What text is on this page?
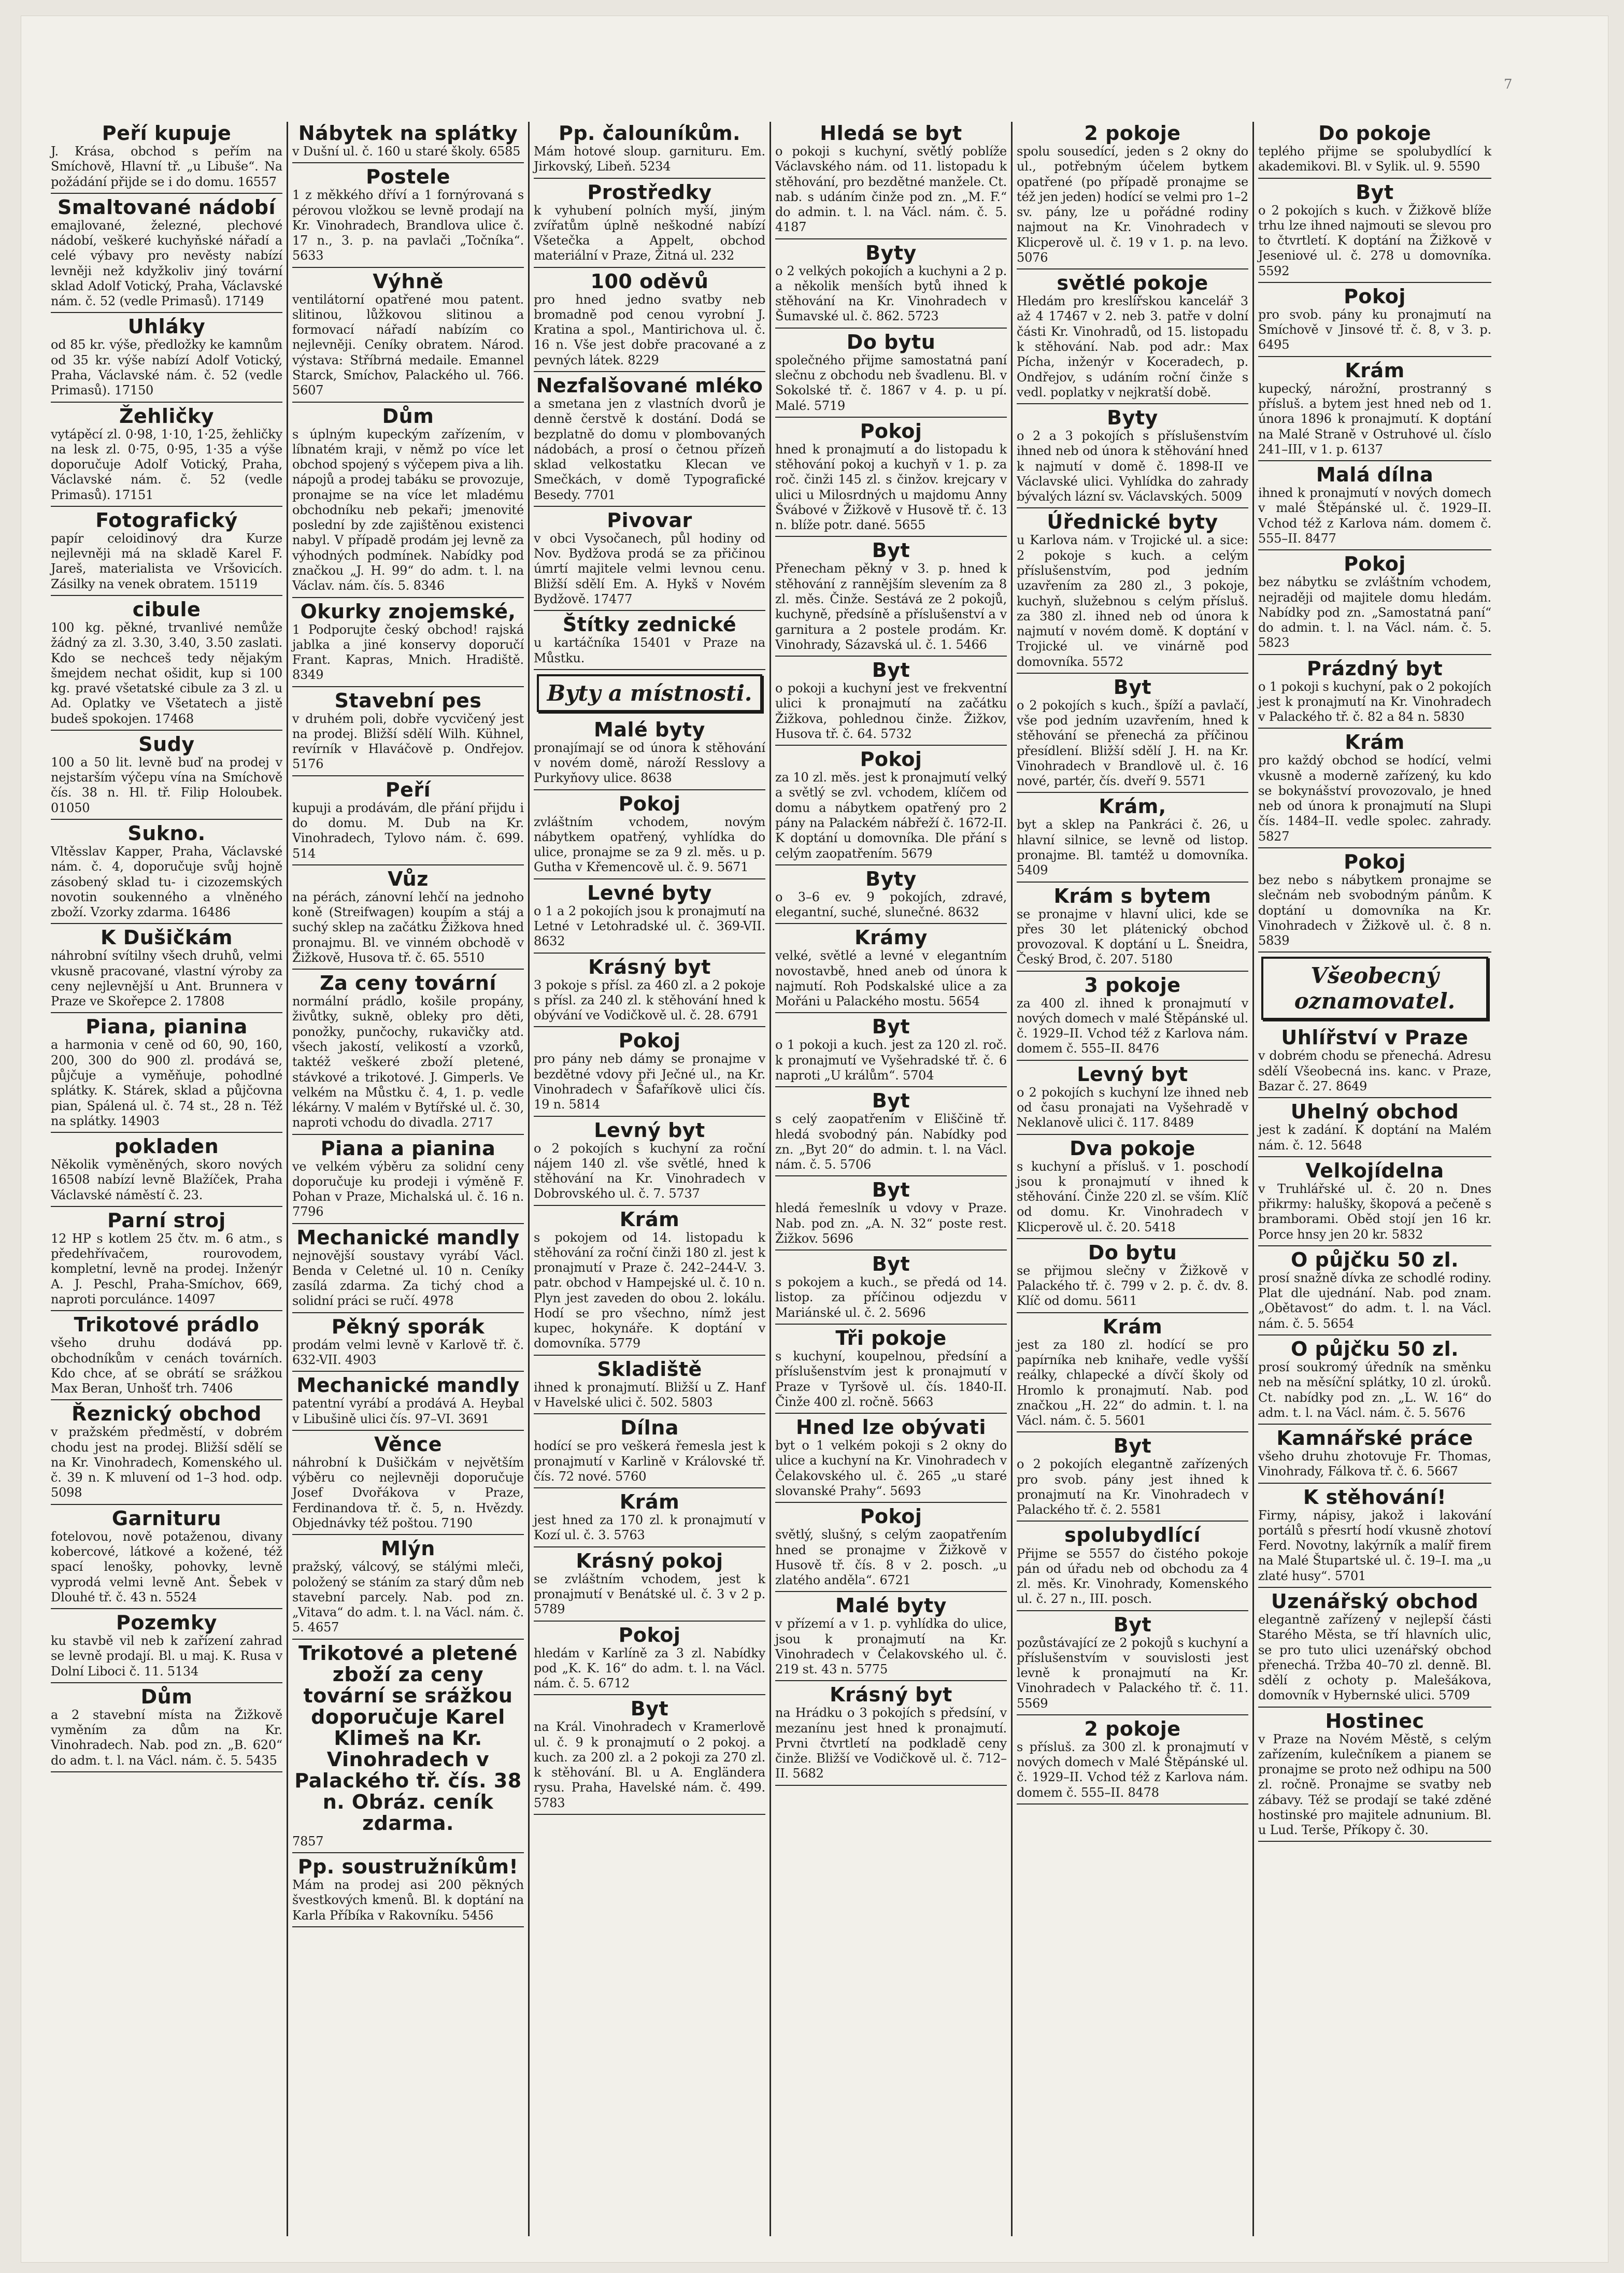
7
Peří kupuje
J. Krása, obchod s peřím na Smíchově, Hlavní tř. „u Libuše“. Na požádání přijde se i do domu. 16557
Smaltované nádobí
emajlované, železné, plechové nádobí, veškeré kuchyňské nářadí a celé výbavy pro nevěsty nabízí levněji než kdyžkoliv jiný tovární sklad Adolf Votický, Praha, Václavské nám. č. 52 (vedle Primasů). 17149
Uhláky
od 85 kr. výše, předložky ke kamnům od 35 kr. výše nabízí Adolf Votický, Praha, Václavské nám. č. 52 (vedle Primasů). 17150
Žehličky
vytápěcí zl. 0·98, 1·10, 1·25, žehličky na lesk zl. 0·75, 0·95, 1·35 a výše doporučuje Adolf Votický, Praha, Václavské nám. č. 52 (vedle Primasů). 17151
Fotografický
papír celoidinový dra Kurze nejlevněji má na skladě Karel F. Jareš, materialista ve Vršovicích. Zásilky na venek obratem. 15119
cibule
100 kg. pěkné, trvanlivé nemůže žádný za zl. 3.30, 3.40, 3.50 zaslati. Kdo se nechceš tedy nějakým šmejdem nechat ošidit, kup si 100 kg. pravé všetatské cibule za 3 zl. u Ad. Oplatky ve Všetatech a jistě budeš spokojen. 17468
Sudy
100 a 50 lit. levně buď na prodej v nejstarším výčepu vína na Smíchově čís. 38 n. Hl. tř. Filip Holoubek. 01050
Sukno.
Vltěsslav Kapper, Praha, Václavské nám. č. 4, doporučuje svůj hojně zásobený sklad tu- i cizozemských novotin soukenného a vlněného zboží. Vzorky zdarma. 16486
K Dušičkám
náhrobní svítilny všech druhů, velmi vkusně pracované, vlastní výroby za ceny nejlevnější u Ant. Brunnera v Praze ve Skořepce 2. 17808
Piana, pianina
a harmonia v ceně od 60, 90, 160, 200, 300 do 900 zl. prodává se, půjčuje a vyměňuje, pohodlné splátky. K. Stárek, sklad a půjčovna pian, Spálená ul. č. 74 st., 28 n. Též na splátky. 14903
pokladen
Několik vyměněných, skoro nových 16508 nabízí levně Blažíček, Praha Václavské náměstí č. 23.
Parní stroj
12 HP s kotlem 25 čtv. m. 6 atm., s předehřívačem, rourovodem, kompletní, levně na prodej. Inženýr A. J. Peschl, Praha-Smíchov, 669, naproti porculánce. 14097
Trikotové prádlo
všeho druhu dodává pp. obchodníkům v cenách továrních. Kdo chce, ať se obrátí se srážkou Max Beran, Unhošť trh. 7406
Řeznický obchod
v pražském předměstí, v dobrém chodu jest na prodej. Bližší sdělí se na Kr. Vinohradech, Komenského ul. č. 39 n. K mluvení od 1–3 hod. odp. 5098
Garnituru
fotelovou, nově potaženou, divany kobercové, látkové a kožené, též spací lenošky, pohovky, levně vyprodá velmi levně Ant. Šebek v Dlouhé tř. č. 43 n. 5524
Pozemky
ku stavbě vil neb k zařízení zahrad se levně prodají. Bl. u maj. K. Rusa v Dolní Liboci č. 11. 5134
Dům
a 2 stavební místa na Žižkově vyměním za dům na Kr. Vinohradech. Nab. pod zn. „B. 620“ do adm. t. l. na Václ. nám. č. 5. 5435
Nábytek na splátky
v Dušní ul. č. 160 u staré školy. 6585
Postele
1 z měkkého dříví a 1 fornýrovaná s pérovou vložkou se levně prodají na Kr. Vinohradech, Brandlova ulice č. 17 n., 3. p. na pavlači „Točníka“. 5633
Výhně
ventilátorní opatřené mou patent. slitinou, lůžkovou slitinou a formovací nářadí nabízím co nejlevněji. Ceníky obratem. Národ. výstava: Stříbrná medaile. Emannel Starck, Smíchov, Palackého ul. 766. 5607
Dům
s úplným kupeckým zařízením, v líbnatém kraji, v němž po více let obchod spojený s výčepem piva a lih. nápojů a prodej tabáku se provozuje, pronajme se na více let mladému obchodníku neb pekaři; jmenovité poslední by zde zajištěnou existenci nabyl. V případě prodám jej levně za výhodných podmínek. Nabídky pod značkou „J. H. 99“ do adm. t. l. na Václav. nám. čís. 5. 8346
Okurky znojemské,
1 Podporujte český obchod! rajská jablka a jiné konservy doporučí Frant. Kapras, Mnich. Hradiště. 8349
Stavební pes
v druhém poli, dobře vycvičený jest na prodej. Bližší sdělí Wilh. Kühnel, revírník v Hlaváčově p. Ondřejov. 5176
Peří
kupuji a prodávám, dle přání přijdu i do domu. M. Dub na Kr. Vinohradech, Tylovo nám. č. 699. 514
Vůz
na pérách, zánovní lehčí na jednoho koně (Streifwagen) koupím a stáj a suchý sklep na začátku Žižkova hned pronajmu. Bl. ve vinném obchodě v Žižkově, Husova tř. č. 65. 5510
Za ceny tovární
normální prádlo, košile propány, živůtky, sukně, obleky pro děti, ponožky, punčochy, rukavičky atd. všech jakostí, velikostí a vzorků, taktéž veškeré zboží pletené, stávkové a trikotové. J. Gimperls. Ve velkém na Můstku č. 4, 1. p. vedle lékárny. V malém v Bytířské ul. č. 30, naproti vchodu do divadla. 2717
Piana a pianina
ve velkém výběru za solidní ceny doporučuje ku prodeji i výměně F. Pohan v Praze, Michalská ul. č. 16 n. 7796
Mechanické mandly
nejnovější soustavy vyrábí Václ. Benda v Celetné ul. 10 n. Ceníky zasílá zdarma. Za tichý chod a solidní práci se ručí. 4978
Pěkný sporák
prodám velmi levně v Karlově tř. č. 632-VII. 4903
Mechanické mandly
patentní vyrábí a prodává A. Heybal v Libušině ulici čís. 97–VI. 3691
Věnce
náhrobní k Dušičkám v největším výběru co nejlevněji doporučuje Josef Dvořákova v Praze, Ferdinandova tř. č. 5, n. Hvězdy. Objednávky též poštou. 7190
Mlýn
pražský, válcový, se stálými mleči, položený se stáním za starý dům neb stavební parcely. Nab. pod zn. „Vitava“ do adm. t. l. na Václ. nám. č. 5. 4657
Trikotové a pletené zboží za ceny tovární se srážkou doporučuje Karel Klimeš na Kr. Vinohradech v Palackého tř. čís. 38 n. Obráz. ceník zdarma.
7857
Pp. soustružníkům!
Mám na prodej asi 200 pěkných švestkových kmenů. Bl. k doptání na Karla Příbíka v Rakovníku. 5456
Pp. čalouníkům.
Mám hotové sloup. garnituru. Em. Jirkovský, Libeň. 5234
Prostředky
k vyhubení polních myší, jiným zvířatům úplně neškodné nabízí Všetečka a Appelt, obchod materiální v Praze, Žitná ul. 232
100 oděvů
pro hned jedno svatby neb bromadně pod cenou vyrobní J. Kratina a spol., Mantirichova ul. č. 16 n. Vše jest dobře pracované a z pevných látek. 8229
Nezfalšované mléko
a smetana jen z vlastních dvorů je denně čerstvě k dostání. Dodá se bezplatně do domu v plombovaných nádobách, a prosí o četnou přízeň sklad velkostatku Klecan ve Smečkách, v domě Typografické Besedy. 7701
Pivovar
v obci Vysočanech, půl hodiny od Nov. Bydžova prodá se za přičinou úmrtí majitele velmi levnou cenu. Bližší sdělí Em. A. Hykš v Novém Bydžově. 17477
Štítky zednické
u kartáčníka 15401 v Praze na Můstku.
Byty a místnosti.
Malé byty
pronajímají se od února k stěhování v novém domě, nároží Resslovy a Purkyňovy ulice. 8638
Pokoj
zvláštním vchodem, novým nábytkem opatřený, vyhlídka do ulice, pronajme se za 9 zl. měs. u p. Gutha v Křemencově ul. č. 9. 5671
Levné byty
o 1 a 2 pokojích jsou k pronajmutí na Letné v Letohradské ul. č. 369-VII. 8632
Krásný byt
3 pokoje s přísl. za 460 zl. a 2 pokoje s přísl. za 240 zl. k stěhování hned k obývání ve Vodičkově ul. č. 28. 6791
Pokoj
pro pány neb dámy se pronajme v bezdětné vdovy při Ječné ul., na Kr. Vinohradech v Šafaříkově ulici čís. 19 n. 5814
Levný byt
o 2 pokojích s kuchyní za roční nájem 140 zl. vše světlé, hned k stěhování na Kr. Vinohradech v Dobrovského ul. č. 7. 5737
Krám
s pokojem od 14. listopadu k stěhování za roční činži 180 zl. jest k pronajmutí v Praze č. 242–244-V. 3. patr. obchod v Hampejské ul. č. 10 n. Plyn jest zaveden do obou 2. lokálu. Hodí se pro všechno, nímž jest kupec, hokynáře. K doptání v domovníka. 5779
Skladiště
ihned k pronajmutí. Bližší u Z. Hanf v Havelské ulici č. 502. 5803
Dílna
hodící se pro veškerá řemesla jest k pronajmutí v Karlině v Královské tř. čís. 72 nové. 5760
Krám
jest hned za 170 zl. k pronajmutí v Kozí ul. č. 3. 5763
Krásný pokoj
se zvláštním vchodem, jest k pronajmutí v Benátské ul. č. 3 v 2 p. 5789
Pokoj
hledám v Karlíně za 3 zl. Nabídky pod „K. K. 16“ do adm. t. l. na Václ. nám. č. 5. 6712
Byt
na Král. Vinohradech v Kramerlově ul. č. 9 k pronajmutí o 2 pokoj. a kuch. za 200 zl. a 2 pokoji za 270 zl. k stěhování. Bl. u A. Engländera rysu. Praha, Havelské nám. č. 499. 5783
Hledá se byt
o pokoji s kuchyní, světlý poblíže Václavského nám. od 11. listopadu k stěhování, pro bezdětné manžele. Ct. nab. s udáním činže pod zn. „M. F.“ do admin. t. l. na Václ. nám. č. 5. 4187
Byty
o 2 velkých pokojích a kuchyni a 2 p. a několik menších bytů ihned k stěhování na Kr. Vinohradech v Šumavské ul. č. 862. 5723
Do bytu
společného přijme samostatná paní slečnu z obchodu neb švadlenu. Bl. v Sokolské tř. č. 1867 v 4. p. u pí. Malé. 5719
Pokoj
hned k pronajmutí a do listopadu k stěhování pokoj a kuchyň v 1. p. za roč. činži 145 zl. s činžov. krejcary v ulici u Milosrdných u majdomu Anny Švábové v Žižkově v Husově tř. č. 13 n. blíže potr. dané. 5655
Byt
Přenecham pěkný v 3. p. hned k stěhování z rannějším slevením za 8 zl. měs. Činže. Sestává ze 2 pokojů, kuchyně, předsíně a příslušenství a v garnitura a 2 postele prodám. Kr. Vinohrady, Sázavská ul. č. 1. 5466
Byt
o pokoji a kuchyní jest ve frekventní ulici k pronajmutí na začátku Žižkova, pohlednou činže. Žižkov, Husova tř. č. 64. 5732
Pokoj
za 10 zl. měs. jest k pronajmutí velký a světlý se zvl. vchodem, klíčem od domu a nábytkem opatřený pro 2 pány na Palackém nábřeží č. 1672-II. K doptání u domovníka. Dle přání s celým zaopatřením. 5679
Byty
o 3–6 ev. 9 pokojích, zdravé, elegantní, suché, slunečné. 8632
Krámy
velké, světlé a levné v elegantním novostavbě, hned aneb od února k najmutí. Roh Podskalské ulice a za Mořáni u Palackého mostu. 5654
Byt
o 1 pokoji a kuch. jest za 120 zl. roč. k pronajmutí ve Vyšehradské tř. č. 6 naproti „U králům“. 5704
Byt
s celý zaopatřením v Eliščině tř. hledá svobodný pán. Nabídky pod zn. „Byt 20“ do admin. t. l. na Václ. nám. č. 5. 5706
Byt
hledá řemeslník u vdovy v Praze. Nab. pod zn. „A. N. 32“ poste rest. Žižkov. 5696
Byt
s pokojem a kuch., se předá od 14. listop. za příčinou odjezdu v Mariánské ul. č. 2. 5696
Tři pokoje
s kuchyní, koupelnou, předsíní a příslušenstvím jest k pronajmutí v Praze v Tyršově ul. čís. 1840-II. Činže 400 zl. ročně. 5663
Hned lze obývati
byt o 1 velkém pokoji s 2 okny do ulice a kuchyní na Kr. Vinohradech v Čelakovského ul. č. 265 „u staré slovanské Prahy“. 5693
Pokoj
světlý, slušný, s celým zaopatřením hned se pronajme v Žižkově v Husově tř. čís. 8 v 2. posch. „u zlatého anděla“. 6721
Malé byty
v přízemí a v 1. p. vyhlídka do ulice, jsou k pronajmutí na Kr. Vinohradech v Čelakovského ul. č. 219 st. 43 n. 5775
Krásný byt
na Hrádku o 3 pokojích s předsíní, v mezanínu jest hned k pronajmutí. Prvni čtvrtletí na podkladě ceny činže. Bližší ve Vodičkově ul. č. 712–II. 5682
2 pokoje
spolu sousedící, jeden s 2 okny do ul., potřebným účelem bytkem opatřené (po případě pronajme se též jen jeden) hodící se velmi pro 1–2 sv. pány, lze u pořádné rodiny najmout na Kr. Vinohradech v Klicperově ul. č. 19 v 1. p. na levo. 5076
světlé pokoje
Hledám pro kreslířskou kancelář 3 až 4 17467 v 2. neb 3. patře v dolní části Kr. Vinohradů, od 15. listopadu k stěhování. Nab. pod adr.: Max Pícha, inženýr v Koceradech, p. Ondřejov, s udáním roční činže s vedl. poplatky v nejkratší době.
Byty
o 2 a 3 pokojích s příslušenstvím ihned neb od února k stěhování hned k najmutí v domě č. 1898-II ve Václavské ulici. Vyhlídka do zahrady bývalých lázní sv. Václavských. 5009
Úřednické byty
u Karlova nám. v Trojické ul. a sice: 2 pokoje s kuch. a celým příslušenstvím, pod jedním uzavřením za 280 zl., 3 pokoje, kuchyň, služebnou s celým přísluš. za 380 zl. ihned neb od února k najmutí v novém domě. K doptání v Trojické ul. ve vinárně pod domovníka. 5572
Byt
o 2 pokojích s kuch., špíží a pavlačí, vše pod jedním uzavřením, hned k stěhování se přenechá za příčinou přesídlení. Bližší sdělí J. H. na Kr. Vinohradech v Brandlově ul. č. 16 nové, partér, čís. dveří 9. 5571
Krám,
byt a sklep na Pankráci č. 26, u hlavní silnice, se levně od listop. pronajme. Bl. tamtéž u domovníka. 5409
Krám s bytem
se pronajme v hlavní ulici, kde se přes 30 let plátenický obchod provozoval. K doptání u L. Šneidra, Český Brod, č. 207. 5180
3 pokoje
za 400 zl. ihned k pronajmutí v nových domech v malé Štěpánské ul. č. 1929–II. Vchod též z Karlova nám. domem č. 555–II. 8476
Levný byt
o 2 pokojích s kuchyní lze ihned neb od času pronajati na Vyšehradě v Neklanově ulici č. 117. 8489
Dva pokoje
s kuchyní a přísluš. v 1. poschodí jsou k pronajmutí v ihned k stěhování. Činže 220 zl. se vším. Klíč od domu. Kr. Vinohradech v Klicperově ul. č. 20. 5418
Do bytu
se přijmou slečny v Žižkově v Palackého tř. č. 799 v 2. p. č. dv. 8. Klíč od domu. 5611
Krám
jest za 180 zl. hodící se pro papírníka neb knihaře, vedle vyšší reálky, chlapecké a dívčí školy od Hromlo k pronajmutí. Nab. pod značkou „H. 22“ do admin. t. l. na Václ. nám. č. 5. 5601
Byt
o 2 pokojích elegantně zařízených pro svob. pány jest ihned k pronajmutí na Kr. Vinohradech v Palackého tř. č. 2. 5581
spolubydlící
Přijme se 5557 do čistého pokoje pán od úřadu neb od obchodu za 4 zl. měs. Kr. Vinohrady, Komenského ul. č. 27 n., III. posch.
Byt
pozůstávající ze 2 pokojů s kuchyní a příslušenstvím v souvislosti jest levně k pronajmutí na Kr. Vinohradech v Palackého tř. č. 11. 5569
2 pokoje
s přísluš. za 300 zl. k pronajmutí v nových domech v Malé Štěpánské ul. č. 1929–II. Vchod též z Karlova nám. domem č. 555–II. 8478
Do pokoje
teplého přijme se spolubydlící k akademikovi. Bl. v Sylik. ul. 9. 5590
Byt
o 2 pokojích s kuch. v Žižkově blíže trhu lze ihned najmouti se slevou pro to čtvrtletí. K doptání na Žižkově v Jeseniové ul. č. 278 u domovníka. 5592
Pokoj
pro svob. pány ku pronajmutí na Smíchově v Jinsové tř. č. 8, v 3. p. 6495
Krám
kupecký, nárožní, prostranný s přísluš. a bytem jest hned neb od 1. února 1896 k pronajmutí. K doptání na Malé Straně v Ostruhové ul. číslo 241–III, v 1. p. 6137
Malá dílna
ihned k pronajmutí v nových domech v malé Štěpánské ul. č. 1929–II. Vchod též z Karlova nám. domem č. 555–II. 8477
Pokoj
bez nábytku se zvláštním vchodem, nejraději od majitele domu hledám. Nabídky pod zn. „Samostatná paní“ do admin. t. l. na Václ. nám. č. 5. 5823
Prázdný byt
o 1 pokoji s kuchyní, pak o 2 pokojích jest k pronajmutí na Kr. Vinohradech v Palackého tř. č. 82 a 84 n. 5830
Krám
pro každý obchod se hodící, velmi vkusně a moderně zařízený, ku kdo se bokynášství provozovalo, je hned neb od února k pronajmutí na Slupi čís. 1484–II. vedle spolec. zahrady. 5827
Pokoj
bez nebo s nábytkem pronajme se slečnám neb svobodným pánům. K doptání u domovníka na Kr. Vinohradech v Žižkově ul. č. 8 n. 5839
Všeobecný oznamovatel.
Uhlířství v Praze
v dobrém chodu se přenechá. Adresu sdělí Všeobecná ins. kanc. v Praze, Bazar č. 27. 8649
Uhelný obchod
jest k zadání. K doptání na Malém nám. č. 12. 5648
Velkojídelna
v Truhlářské ul. č. 20 n. Dnes přikrmy: halušky, škopová a pečeně s bramborami. Oběd stojí jen 16 kr. Porce hnsy jen 20 kr. 5832
O půjčku 50 zl.
prosí snažně dívka ze schodlé rodiny. Plat dle ujednání. Nab. pod znam. „Obětavost“ do adm. t. l. na Václ. nám. č. 5. 5654
O půjčku 50 zl.
prosí soukromý úředník na směnku neb na měsíční splátky, 10 zl. úroků. Ct. nabídky pod zn. „L. W. 16“ do adm. t. l. na Václ. nám. č. 5. 5676
Kamnářské práce
všeho druhu zhotovuje Fr. Thomas, Vinohrady, Fálkova tř. č. 6. 5667
K stěhování!
Firmy, nápisy, jakož i lakování portálů s přesrtí hodí vkusně zhotoví Ferd. Novotny, lakýrník a malíř firem na Malé Štupartské ul. č. 19–I. ma „u zlaté husy“. 5701
Uzenářský obchod
elegantně zařízený v nejlepší části Starého Města, se tří hlavních ulic, se pro tuto ulici uzenářský obchod přenechá. Tržba 40–70 zl. denně. Bl. sdělí z ochoty p. Malešákova, domovník v Hybernské ulici. 5709
Hostinec
v Praze na Novém Městě, s celým zařízením, kulečníkem a pianem se pronajme se proto než odhipu na 500 zl. ročně. Pronajme se svatby neb zábavy. Též se prodají se také zděné hostinské pro majitele adnunium. Bl. u Lud. Terše, Příkopy č. 30.
